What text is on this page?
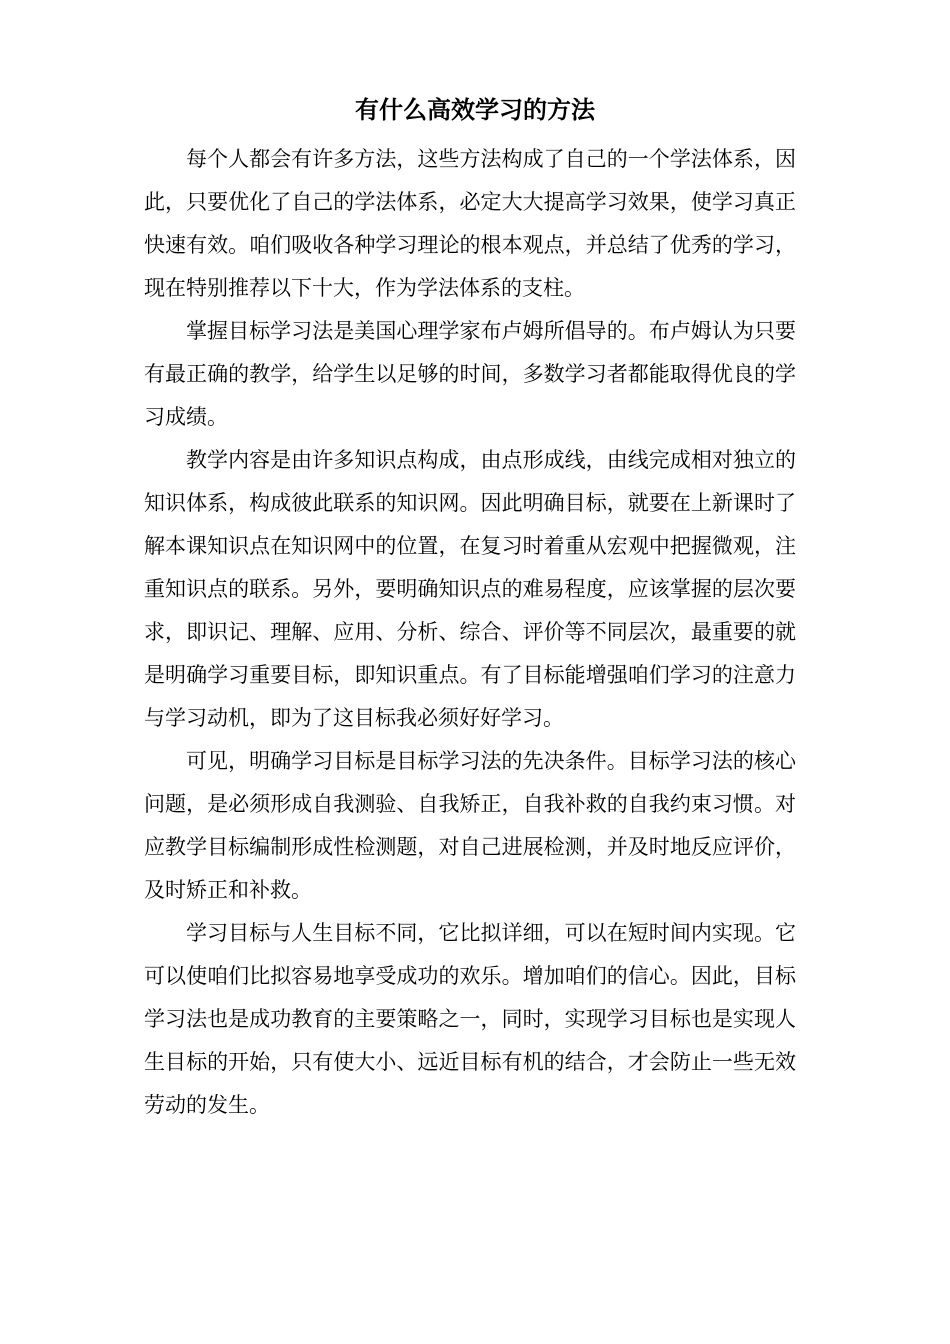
有什么高效学习的方法

每个人都会有许多方法，这些方法构成了自己的一个学法体系，因此，只要优化了自己的学法体系，必定大大提高学习效果，使学习真正快速有效。咱们吸收各种学习理论的根本观点，并总结了优秀的学习，现在特别推荐以下十大，作为学法体系的支柱。

掌握目标学习法是美国心理学家布卢姆所倡导的。布卢姆认为只要有最正确的教学，给学生以足够的时间，多数学习者都能取得优良的学习成绩。

教学内容是由许多知识点构成，由点形成线，由线完成相对独立的知识体系，构成彼此联系的知识网。因此明确目标，就要在上新课时了解本课知识点在知识网中的位置，在复习时着重从宏观中把握微观，注重知识点的联系。另外，要明确知识点的难易程度，应该掌握的层次要求，即识记、理解、应用、分析、综合、评价等不同层次，最重要的就是明确学习重要目标，即知识重点。有了目标能增强咱们学习的注意力与学习动机，即为了这目标我必须好好学习。

可见，明确学习目标是目标学习法的先决条件。目标学习法的核心问题，是必须形成自我测验、自我矫正，自我补救的自我约束习惯。对应教学目标编制形成性检测题，对自己进展检测，并及时地反应评价，及时矫正和补救。

学习目标与人生目标不同，它比拟详细，可以在短时间内实现。它可以使咱们比拟容易地享受成功的欢乐。增加咱们的信心。因此，目标学习法也是成功教育的主要策略之一，同时，实现学习目标也是实现人生目标的开始，只有使大小、远近目标有机的结合，才会防止一些无效劳动的发生。
